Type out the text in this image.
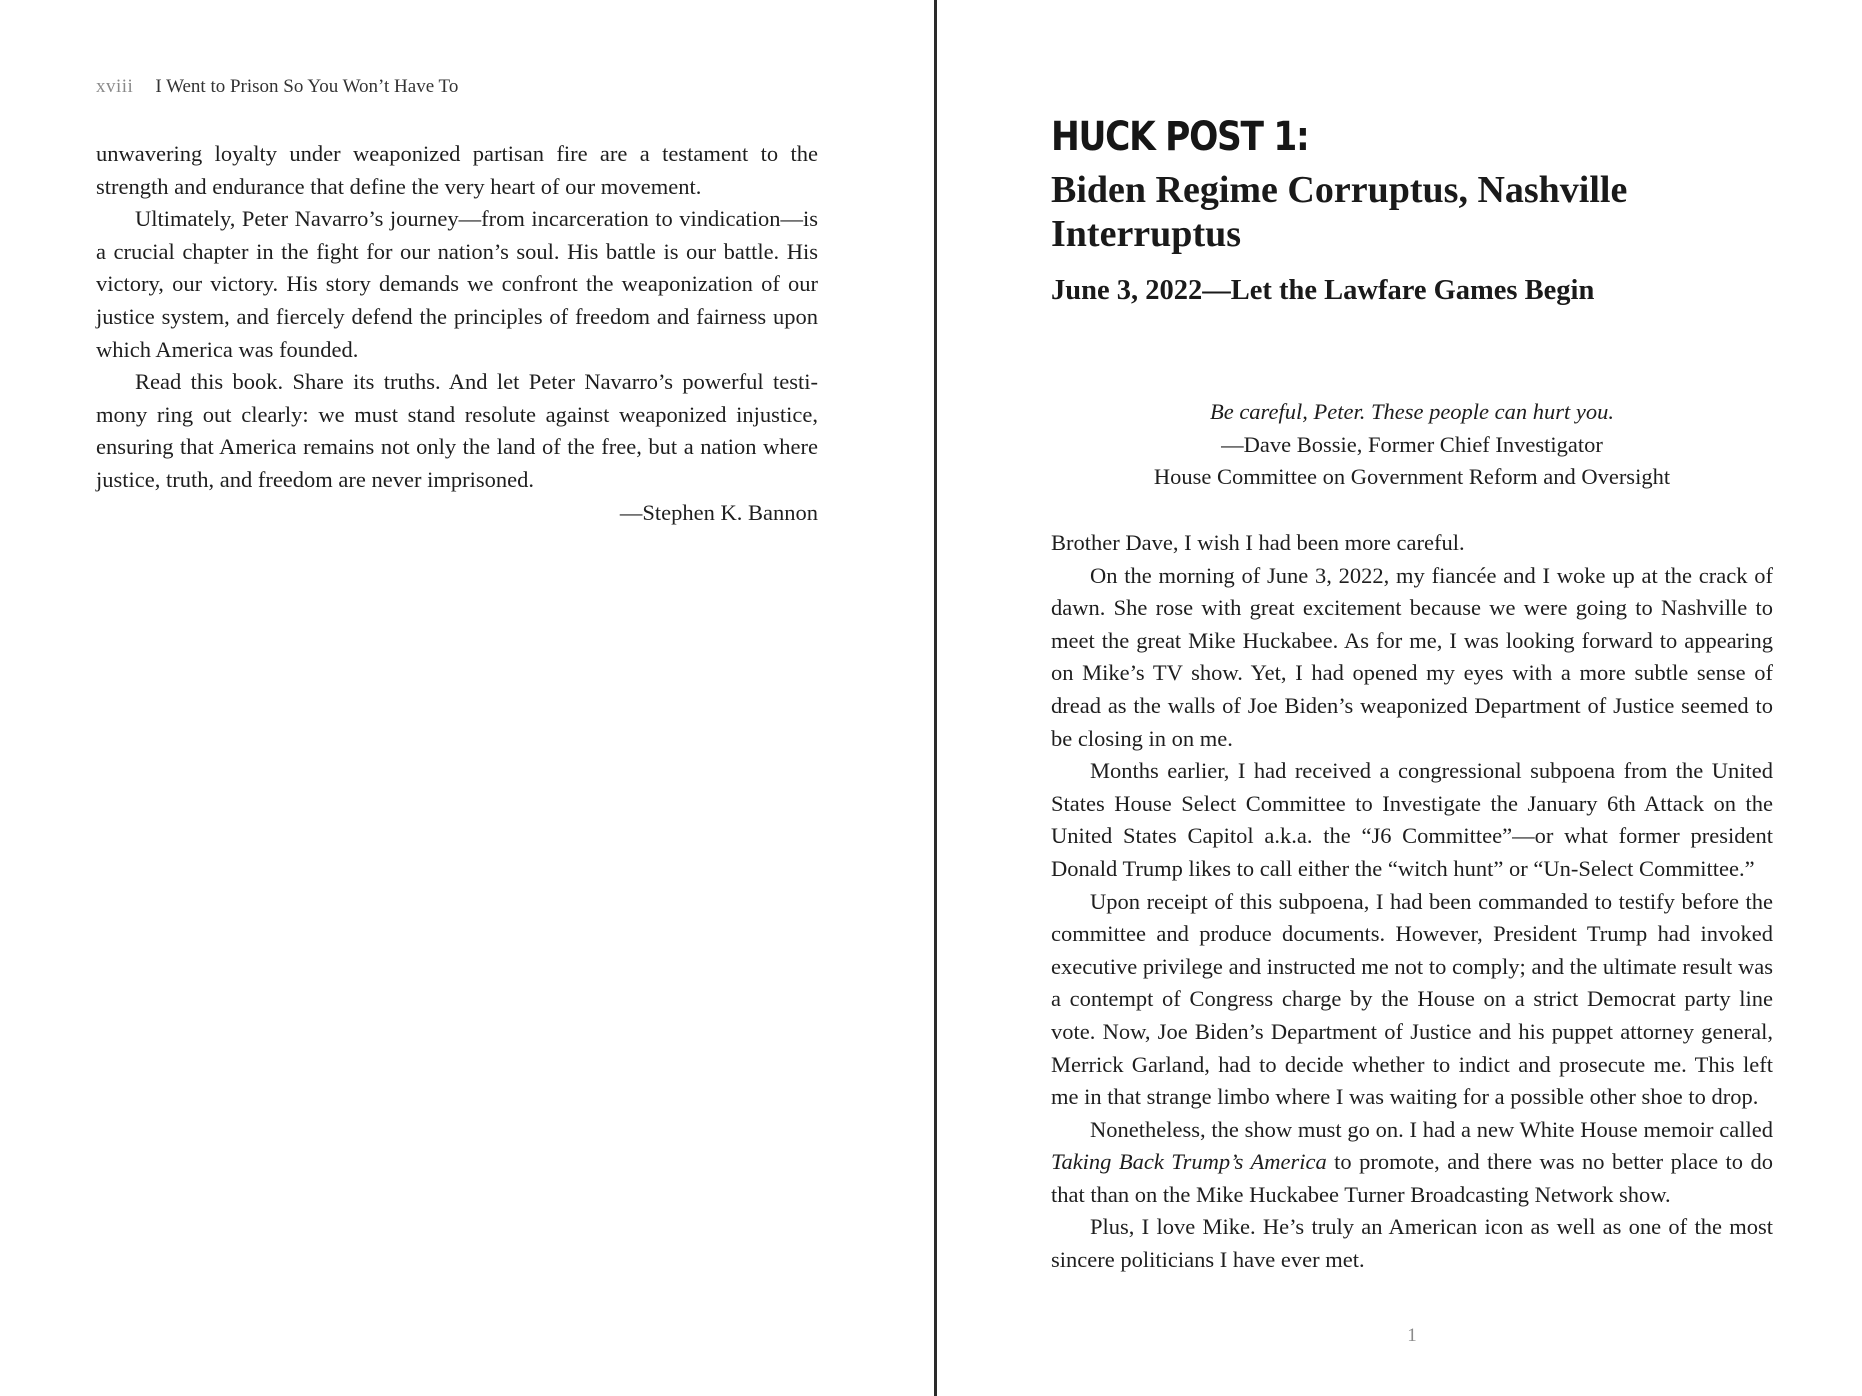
xviii I Went to Prison So You Won’t Have To

unwavering loyalty under weaponized partisan fire are a testament to the strength and endurance that define the very heart of our movement.

Ultimately, Peter Navarro’s journey—from incarceration to vindication—is a crucial chapter in the fight for our nation’s soul. His battle is our battle. His victory, our victory. His story demands we confront the weaponization of our justice system, and fiercely defend the principles of freedom and fairness upon which America was founded.

Read this book. Share its truths. And let Peter Navarro’s powerful testimony ring out clearly: we must stand resolute against weaponized injustice, ensuring that America remains not only the land of the free, but a nation where justice, truth, and freedom are never imprisoned.

—Stephen K. Bannon

HUCK POST 1:
Biden Regime Corruptus, Nashville Interruptus
June 3, 2022—Let the Lawfare Games Begin
Be careful, Peter. These people can hurt you.
—Dave Bossie, Former Chief Investigator
House Committee on Government Reform and Oversight

Brother Dave, I wish I had been more careful.

On the morning of June 3, 2022, my fiancée and I woke up at the crack of dawn. She rose with great excitement because we were going to Nashville to meet the great Mike Huckabee. As for me, I was looking forward to appearing on Mike’s TV show. Yet, I had opened my eyes with a more subtle sense of dread as the walls of Joe Biden’s weaponized Department of Justice seemed to be closing in on me.

Months earlier, I had received a congressional subpoena from the United States House Select Committee to Investigate the January 6th Attack on the United States Capitol a.k.a. the “J6 Committee”—or what former president Donald Trump likes to call either the “witch hunt” or “Un-Select Committee.”

Upon receipt of this subpoena, I had been commanded to testify before the committee and produce documents. However, President Trump had invoked executive privilege and instructed me not to comply; and the ultimate result was a contempt of Congress charge by the House on a strict Democrat party line vote. Now, Joe Biden’s Department of Justice and his puppet attorney general, Merrick Garland, had to decide whether to indict and prosecute me. This left me in that strange limbo where I was waiting for a possible other shoe to drop.

Nonetheless, the show must go on. I had a new White House memoir called Taking Back Trump’s America to promote, and there was no better place to do that than on the Mike Huckabee Turner Broadcasting Network show.

Plus, I love Mike. He’s truly an American icon as well as one of the most sincere politicians I have ever met.

1
